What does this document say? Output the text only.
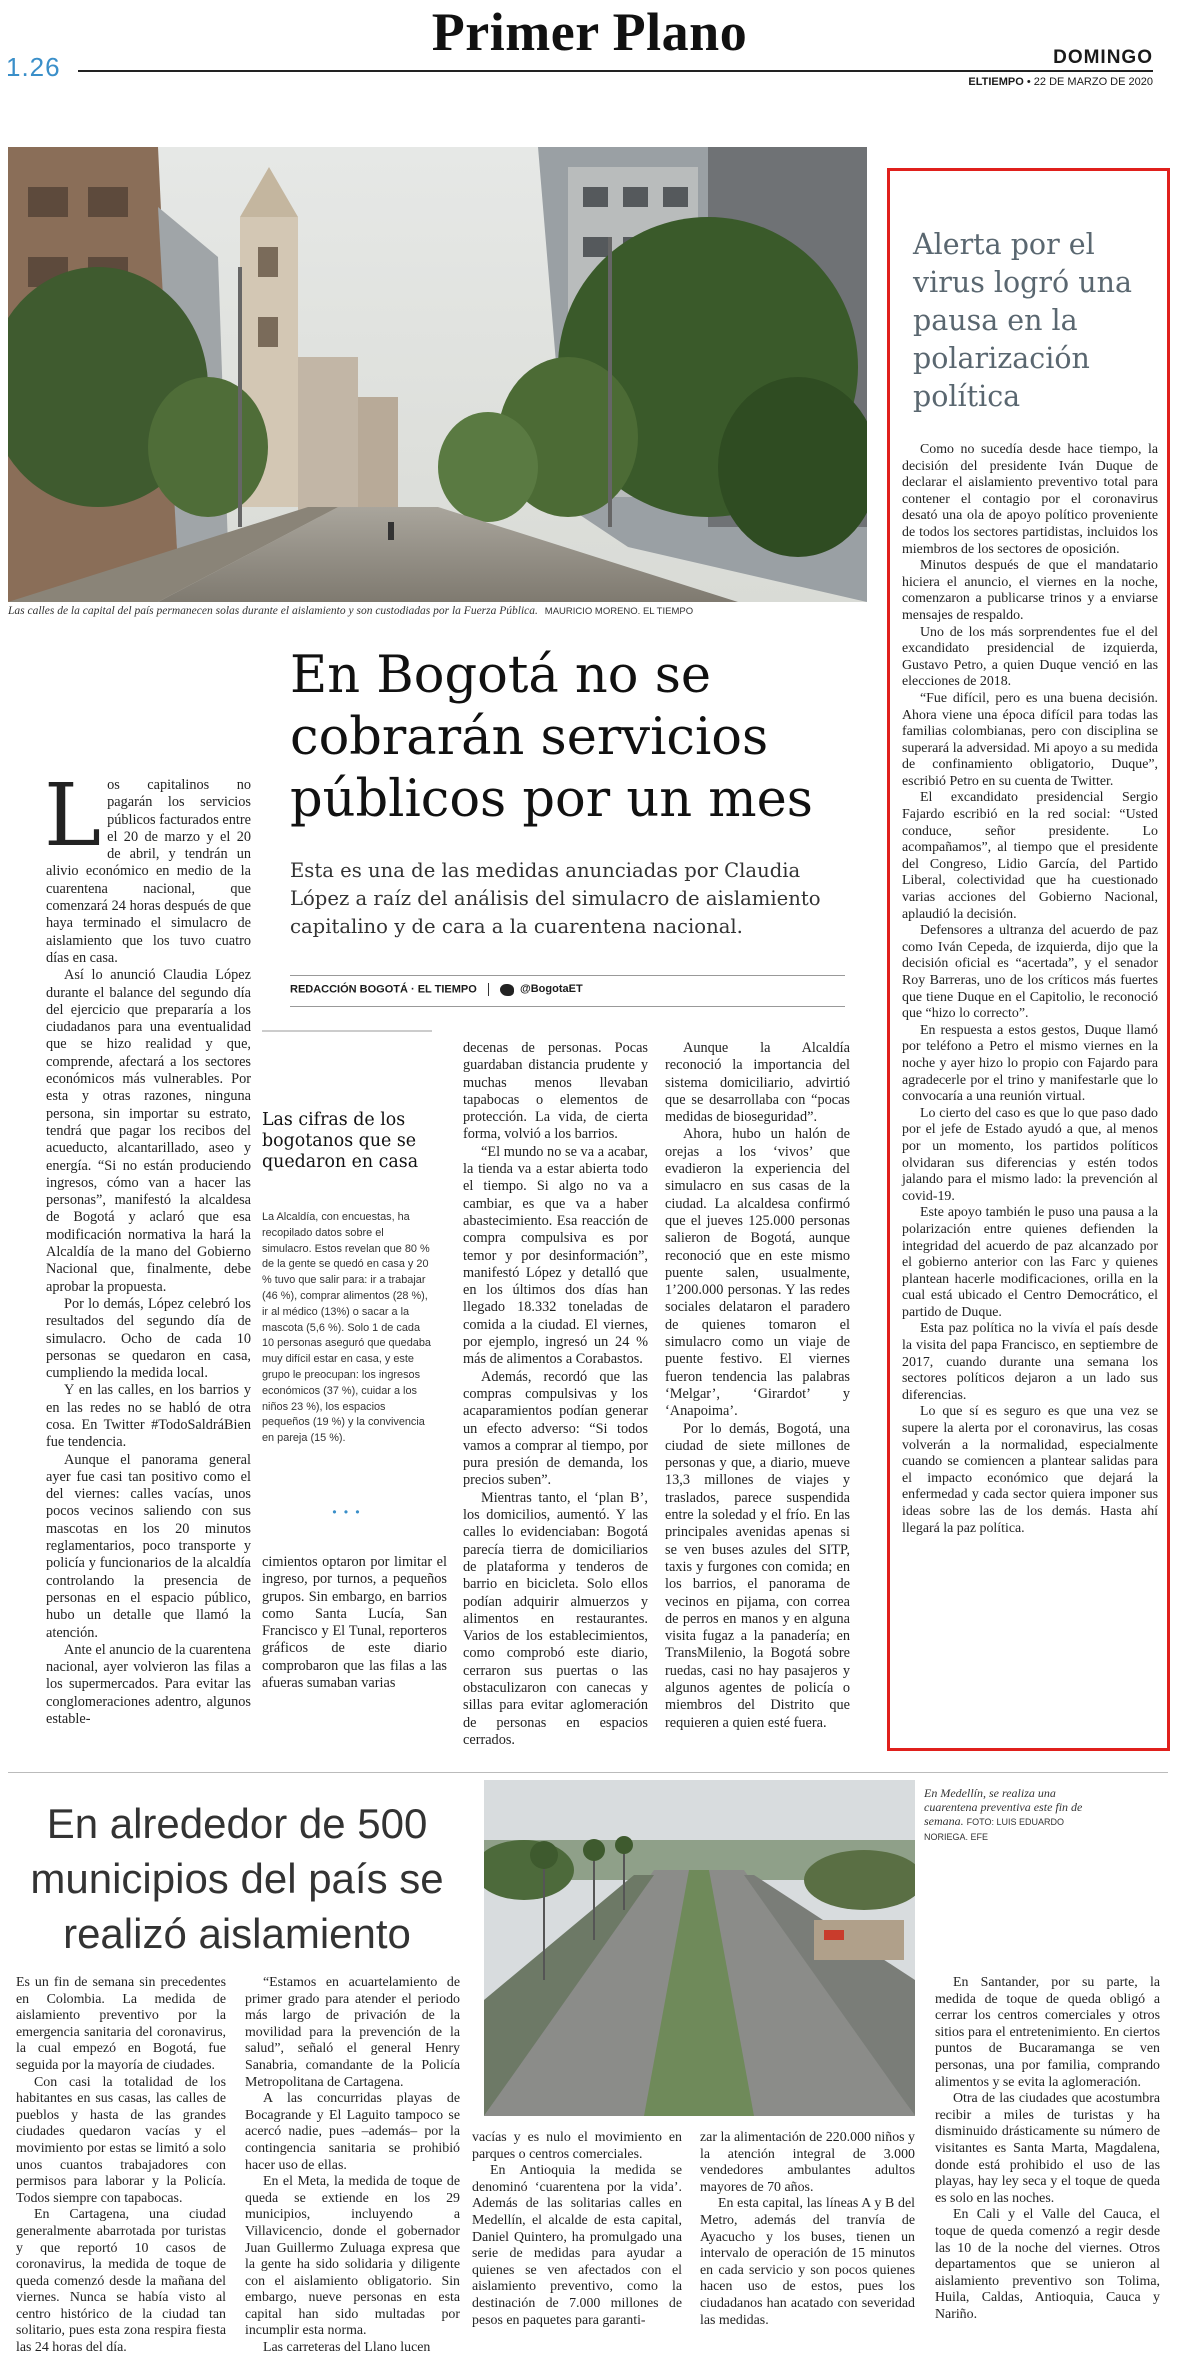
Primer Plano
1.26	DOMINGO
ELTIEMPO • 22 DE MARZO DE 2020
Las calles de la capital del país permanecen solas durante el aislamiento y son custodiadas por la Fuerza Pública. MAURICIO MORENO. EL TIEMPO
En Bogotá no se cobrarán servicios públicos por un mes
Esta es una de las medidas anunciadas por Claudia López a raíz del análisis del simulacro de aislamiento capitalino y de cara a la cuarentena nacional.
REDACCIÓN BOGOTÁ · EL TIEMPO	@BogotaET

Los capitalinos no pagarán los servicios públicos facturados entre el 20 de marzo y el 20 de abril, y tendrán un alivio económico en medio de la cuarentena nacional, que comenzará 24 horas después de que haya terminado el simulacro de aislamiento que los tuvo cuatro días en casa.

Así lo anunció Claudia López durante el balance del segundo día del ejercicio que prepararía a los ciudadanos para una eventualidad que se hizo realidad y que, comprende, afectará a los sectores económicos más vulnerables. Por esta y otras razones, ninguna persona, sin importar su estrato, tendrá que pagar los recibos del acueducto, alcantarillado, aseo y energía. “Si no están produciendo ingresos, cómo van a hacer las personas”, manifestó la alcaldesa de Bogotá y aclaró que esa modificación normativa la hará la Alcaldía de la mano del Gobierno Nacional que, finalmente, debe aprobar la propuesta.

Por lo demás, López celebró los resultados del segundo día de simulacro. Ocho de cada 10 personas se quedaron en casa, cumpliendo la medida local.

Y en las calles, en los barrios y en las redes no se habló de otra cosa. En Twitter #TodoSaldráBien fue tendencia.

Aunque el panorama general ayer fue casi tan positivo como el del viernes: calles vacías, unos pocos vecinos saliendo con sus mascotas en los 20 minutos reglamentarios, poco transporte y policía y funcionarios de la alcaldía controlando la presencia de personas en el espacio público, hubo un detalle que llamó la atención.

Ante el anuncio de la cuarentena nacional, ayer volvieron las filas a los supermercados. Para evitar las conglomeraciones adentro, algunos estable-

Las cifras de los bogotanos que se quedaron en casa
La Alcaldía, con encuestas, ha recopilado datos sobre el simulacro. Estos revelan que 80 % de la gente se quedó en casa y 20 % tuvo que salir para: ir a trabajar (46 %), comprar alimentos (28 %), ir al médico (13%) o sacar a la mascota (5,6 %). Solo 1 de cada 10 personas aseguró que quedaba muy difícil estar en casa, y este grupo le preocupan: los ingresos económicos (37 %), cuidar a los niños 23 %), los espacios pequeños (19 %) y la convivencia en pareja (15 %).
• • •

cimientos optaron por limitar el ingreso, por turnos, a pequeños grupos. Sin embargo, en barrios como Santa Lucía, San Francisco y El Tunal, reporteros gráficos de este diario comprobaron que las filas a las afueras sumaban varias

decenas de personas. Pocas guardaban distancia prudente y muchas menos llevaban tapabocas o elementos de protección. La vida, de cierta forma, volvió a los barrios.

“El mundo no se va a acabar, la tienda va a estar abierta todo el tiempo. Si algo no va a cambiar, es que va a haber abastecimiento. Esa reacción de compra compulsiva es por temor y por desinformación”, manifestó López y detalló que en los últimos dos días han llegado 18.332 toneladas de comida a la ciudad. El viernes, por ejemplo, ingresó un 24 % más de alimentos a Corabastos.

Además, recordó que las compras compulsivas y los acaparamientos podían generar un efecto adverso: “Si todos vamos a comprar al tiempo, por pura presión de demanda, los precios suben”.

Mientras tanto, el ‘plan B’, los domicilios, aumentó. Y las calles lo evidenciaban: Bogotá parecía tierra de domiciliarios de plataforma y tenderos de barrio en bicicleta. Solo ellos podían adquirir almuerzos y alimentos en restaurantes. Varios de los establecimientos, como comprobó este diario, cerraron sus puertas o las obstaculizaron con canecas y sillas para evitar aglomeración de personas en espacios cerrados.

Aunque la Alcaldía reconoció la importancia del sistema domiciliario, advirtió que se desarrollaba con “pocas medidas de bioseguridad”.

Ahora, hubo un halón de orejas a los ‘vivos’ que evadieron la experiencia del simulacro en sus casas de la ciudad. La alcaldesa confirmó que el jueves 125.000 personas salieron de Bogotá, aunque reconoció que en este mismo puente salen, usualmente, 1’200.000 personas. Y las redes sociales delataron el paradero de quienes tomaron el simulacro como un viaje de puente festivo. El viernes fueron tendencia las palabras ‘Melgar’, ‘Girardot’ y ‘Anapoima’.

Por lo demás, Bogotá, una ciudad de siete millones de personas y que, a diario, mueve 13,3 millones de viajes y traslados, parece suspendida entre la soledad y el frío. En las principales avenidas apenas si se ven buses azules del SITP, taxis y furgones con comida; en los barrios, el panorama de vecinos en pijama, con correa de perros en manos y en alguna visita fugaz a la panadería; en TransMilenio, la Bogotá sobre ruedas, casi no hay pasajeros y algunos agentes de policía o miembros del Distrito que requieren a quien esté fuera.

Alerta por el virus logró una pausa en la polarización política

Como no sucedía desde hace tiempo, la decisión del presidente Iván Duque de declarar el aislamiento preventivo total para contener el contagio por el coronavirus desató una ola de apoyo político proveniente de todos los sectores partidistas, incluidos los miembros de los sectores de oposición.

Minutos después de que el mandatario hiciera el anuncio, el viernes en la noche, comenzaron a publicarse trinos y a enviarse mensajes de respaldo.

Uno de los más sorprendentes fue el del excandidato presidencial de izquierda, Gustavo Petro, a quien Duque venció en las elecciones de 2018.

“Fue difícil, pero es una buena decisión. Ahora viene una época difícil para todas las familias colombianas, pero con disciplina se superará la adversidad. Mi apoyo a su medida de confinamiento obligatorio, Duque”, escribió Petro en su cuenta de Twitter.

El excandidato presidencial Sergio Fajardo escribió en la red social: “Usted conduce, señor presidente. Lo acompañamos”, al tiempo que el presidente del Congreso, Lidio García, del Partido Liberal, colectividad que ha cuestionado varias acciones del Gobierno Nacional, aplaudió la decisión.

Defensores a ultranza del acuerdo de paz como Iván Cepeda, de izquierda, dijo que la decisión oficial es “acertada”, y el senador Roy Barreras, uno de los críticos más fuertes que tiene Duque en el Capitolio, le reconoció que “hizo lo correcto”.

En respuesta a estos gestos, Duque llamó por teléfono a Petro el mismo viernes en la noche y ayer hizo lo propio con Fajardo para agradecerle por el trino y manifestarle que lo convocaría a una reunión virtual.

Lo cierto del caso es que lo que paso dado por el jefe de Estado ayudó a que, al menos por un momento, los partidos políticos olvidaran sus diferencias y estén todos jalando para el mismo lado: la prevención al covid-19.

Este apoyo también le puso una pausa a la polarización entre quienes defienden la integridad del acuerdo de paz alcanzado por el gobierno anterior con las Farc y quienes plantean hacerle modificaciones, orilla en la cual está ubicado el Centro Democrático, el partido de Duque.

Esta paz política no la vivía el país desde la visita del papa Francisco, en septiembre de 2017, cuando durante una semana los sectores políticos dejaron a un lado sus diferencias.

Lo que sí es seguro es que una vez se supere la alerta por el coronavirus, las cosas volverán a la normalidad, especialmente cuando se comiencen a plantear salidas para el impacto económico que dejará la enfermedad y cada sector quiera imponer sus ideas sobre las de los demás. Hasta ahí llegará la paz política.

En alrededor de 500 municipios del país se realizó aislamiento
En Medellín, se realiza una cuarentena preventiva este fin de semana. FOTO: LUIS EDUARDO NORIEGA. EFE

Es un fin de semana sin precedentes en Colombia. La medida de aislamiento preventivo por la emergencia sanitaria del coronavirus, la cual empezó en Bogotá, fue seguida por la mayoría de ciudades.

Con casi la totalidad de los habitantes en sus casas, las calles de pueblos y hasta de las grandes ciudades quedaron vacías y el movimiento por estas se limitó a solo unos cuantos trabajadores con permisos para laborar y la Policía. Todos siempre con tapabocas.

En Cartagena, una ciudad generalmente abarrotada por turistas y que reportó 10 casos de coronavirus, la medida de toque de queda comenzó desde la mañana del viernes. Nunca se había visto al centro histórico de la ciudad tan solitario, pues esta zona respira fiesta las 24 horas del día.

“Estamos en acuartelamiento de primer grado para atender el periodo más largo de privación de la movilidad para la prevención de la salud”, señaló el general Henry Sanabria, comandante de la Policía Metropolitana de Cartagena.

A las concurridas playas de Bocagrande y El Laguito tampoco se acercó nadie, pues –además– por la contingencia sanitaria se prohibió hacer uso de ellas.

En el Meta, la medida de toque de queda se extiende en los 29 municipios, incluyendo a Villavicencio, donde el gobernador Juan Guillermo Zuluaga expresa que la gente ha sido solidaria y diligente con el aislamiento obligatorio. Sin embargo, nueve personas en esta capital han sido multadas por incumplir esta norma.

Las carreteras del Llano lucen

vacías y es nulo el movimiento en parques o centros comerciales.

En Antioquia la medida se denominó ‘cuarentena por la vida’. Además de las solitarias calles en Medellín, el alcalde de esta capital, Daniel Quintero, ha promulgado una serie de medidas para ayudar a quienes se ven afectados con el aislamiento preventivo, como la destinación de 7.000 millones de pesos en paquetes para garanti-

zar la alimentación de 220.000 niños y la atención integral de 3.000 vendedores ambulantes adultos mayores de 70 años.

En esta capital, las líneas A y B del Metro, además del tranvía de Ayacucho y los buses, tienen un intervalo de operación de 15 minutos en cada servicio y son pocos quienes hacen uso de estos, pues los ciudadanos han acatado con severidad las medidas.

En Santander, por su parte, la medida de toque de queda obligó a cerrar los centros comerciales y otros sitios para el entretenimiento. En ciertos puntos de Bucaramanga se ven personas, una por familia, comprando alimentos y se evita la aglomeración.

Otra de las ciudades que acostumbra recibir a miles de turistas y ha disminuido drásticamente su número de visitantes es Santa Marta, Magdalena, donde está prohibido el uso de las playas, hay ley seca y el toque de queda es solo en las noches.

En Cali y el Valle del Cauca, el toque de queda comenzó a regir desde las 10 de la noche del viernes. Otros departamentos que se unieron al aislamiento preventivo son Tolima, Huila, Caldas, Antioquia, Cauca y Nariño.
